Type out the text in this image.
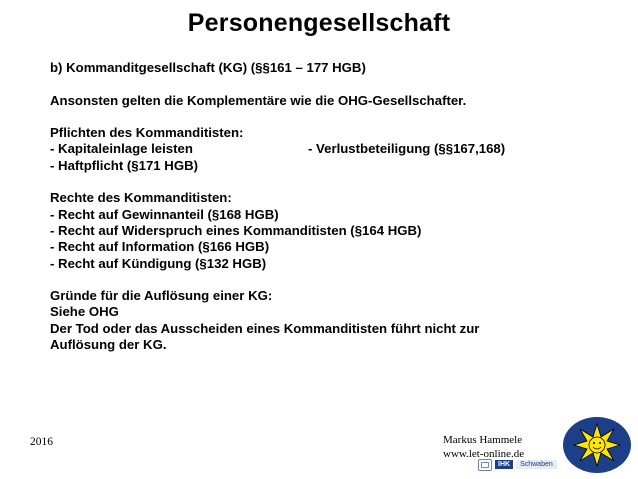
Personengesellschaft
b) Kommanditgesellschaft (KG) (§§161 – 177 HGB)
Ansonsten gelten die Komplementäre wie die OHG-Gesellschafter.
Pflichten des Kommanditisten:
- Kapitaleinlage leisten	- Verlustbeteiligung (§§167,168)
- Haftpflicht (§171 HGB)
Rechte des Kommanditisten:
- Recht auf Gewinnanteil (§168 HGB)
- Recht auf Widerspruch eines Kommanditisten (§164 HGB)
- Recht auf Information (§166 HGB)
- Recht auf Kündigung (§132 HGB)
Gründe für die Auflösung einer KG:
Siehe OHG
Der Tod oder das Ausscheiden eines Kommanditisten führt nicht zur
Auflösung der KG.
2016	Markus Hammele
www.let-online.de
IHK	Schwaben
